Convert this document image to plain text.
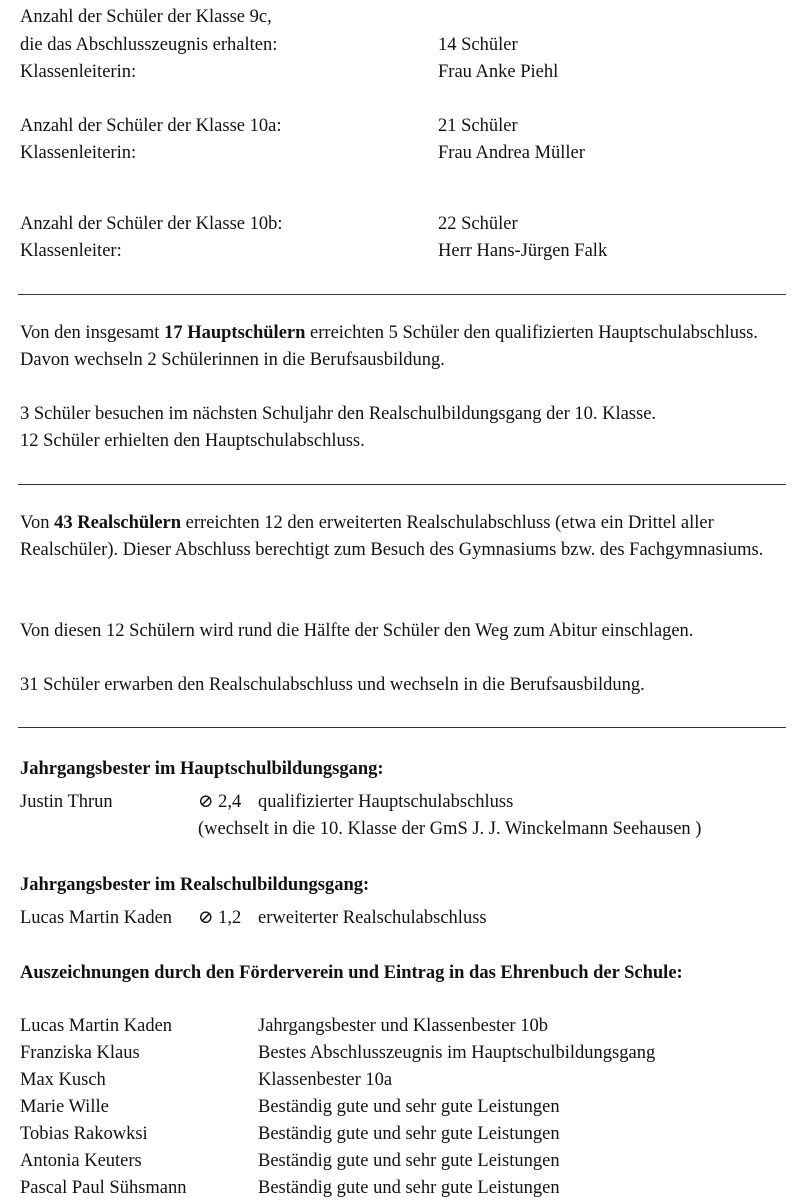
Anzahl der Schüler der Klasse 9c,
die das Abschlusszeugnis erhalten:	14 Schüler
Klassenleiterin:	Frau Anke Piehl
Anzahl der Schüler der Klasse 10a:	21 Schüler
Klassenleiterin:	Frau Andrea Müller
Anzahl der Schüler der Klasse 10b:	22 Schüler
Klassenleiter:	Herr Hans-Jürgen Falk
Von den insgesamt 17 Hauptschülern erreichten 5 Schüler den qualifizierten Hauptschulabschluss. Davon wechseln 2 Schülerinnen in die Berufsausbildung.
3 Schüler besuchen im nächsten Schuljahr den Realschulbildungsgang der 10. Klasse.
12 Schüler erhielten den Hauptschulabschluss.
Von 43 Realschülern erreichten 12 den erweiterten Realschulabschluss (etwa ein Drittel aller Realschüler). Dieser Abschluss berechtigt zum Besuch des Gymnasiums bzw. des Fachgymnasiums.
Von diesen 12 Schülern wird rund die Hälfte der Schüler den Weg zum Abitur einschlagen.
31 Schüler erwarben den Realschulabschluss und wechseln in die Berufsausbildung.
Jahrgangsbester im Hauptschulbildungsgang:
Justin Thrun	⊘ 2,4 qualifizierter Hauptschulabschluss
(wechselt in die 10. Klasse der GmS J. J. Winckelmann Seehausen )
Jahrgangsbester im Realschulbildungsgang:
Lucas Martin Kaden ⊘ 1,2 erweiterter Realschulabschluss
Auszeichnungen durch den Förderverein und Eintrag in das Ehrenbuch der Schule:
Lucas Martin Kaden	Jahrgangsbester und Klassenbester 10b
Franziska Klaus	Bestes Abschlusszeugnis im Hauptschulbildungsgang
Max Kusch	Klassenbester 10a
Marie Wille	Beständig gute und sehr gute Leistungen
Tobias Rakowksi	Beständig gute und sehr gute Leistungen
Antonia Keuters	Beständig gute und sehr gute Leistungen
Pascal Paul Sühsmann	Beständig gute und sehr gute Leistungen
